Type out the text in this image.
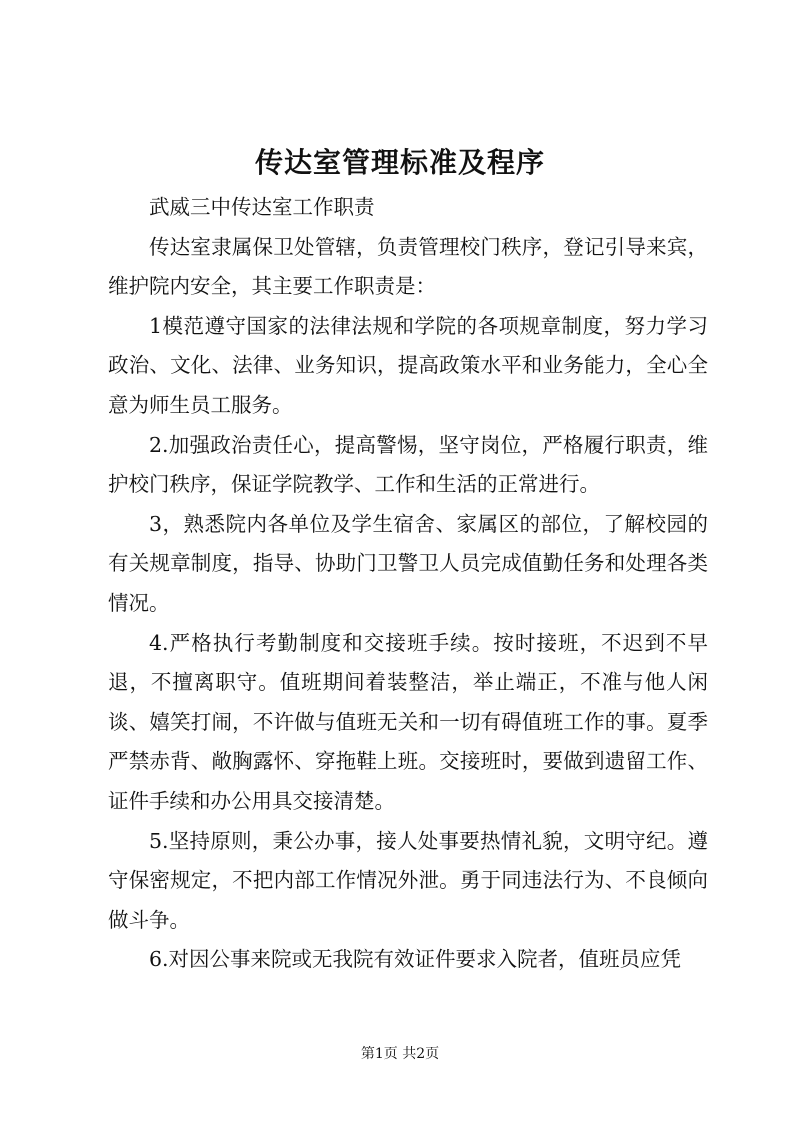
传达室管理标准及程序

武威三中传达室工作职责

传达室隶属保卫处管辖，负责管理校门秩序，登记引导来宾，维护院内安全，其主要工作职责是：

1模范遵守国家的法律法规和学院的各项规章制度，努力学习政治、文化、法律、业务知识，提高政策水平和业务能力，全心全意为师生员工服务。

2.加强政治责任心，提高警惕，坚守岗位，严格履行职责，维护校门秩序，保证学院教学、工作和生活的正常进行。

3，熟悉院内各单位及学生宿舍、家属区的部位，了解校园的有关规章制度，指导、协助门卫警卫人员完成值勤任务和处理各类情况。

4.严格执行考勤制度和交接班手续。按时接班，不迟到不早退，不擅离职守。值班期间着装整洁，举止端正，不准与他人闲谈、嬉笑打闹，不许做与值班无关和一切有碍值班工作的事。夏季严禁赤背、敞胸露怀、穿拖鞋上班。交接班时，要做到遗留工作、证件手续和办公用具交接清楚。

5.坚持原则，秉公办事，接人处事要热情礼貌，文明守纪。遵守保密规定，不把内部工作情况外泄。勇于同违法行为、不良倾向做斗争。

6.对因公事来院或无我院有效证件要求入院者，值班员应凭

第1页 共2页
